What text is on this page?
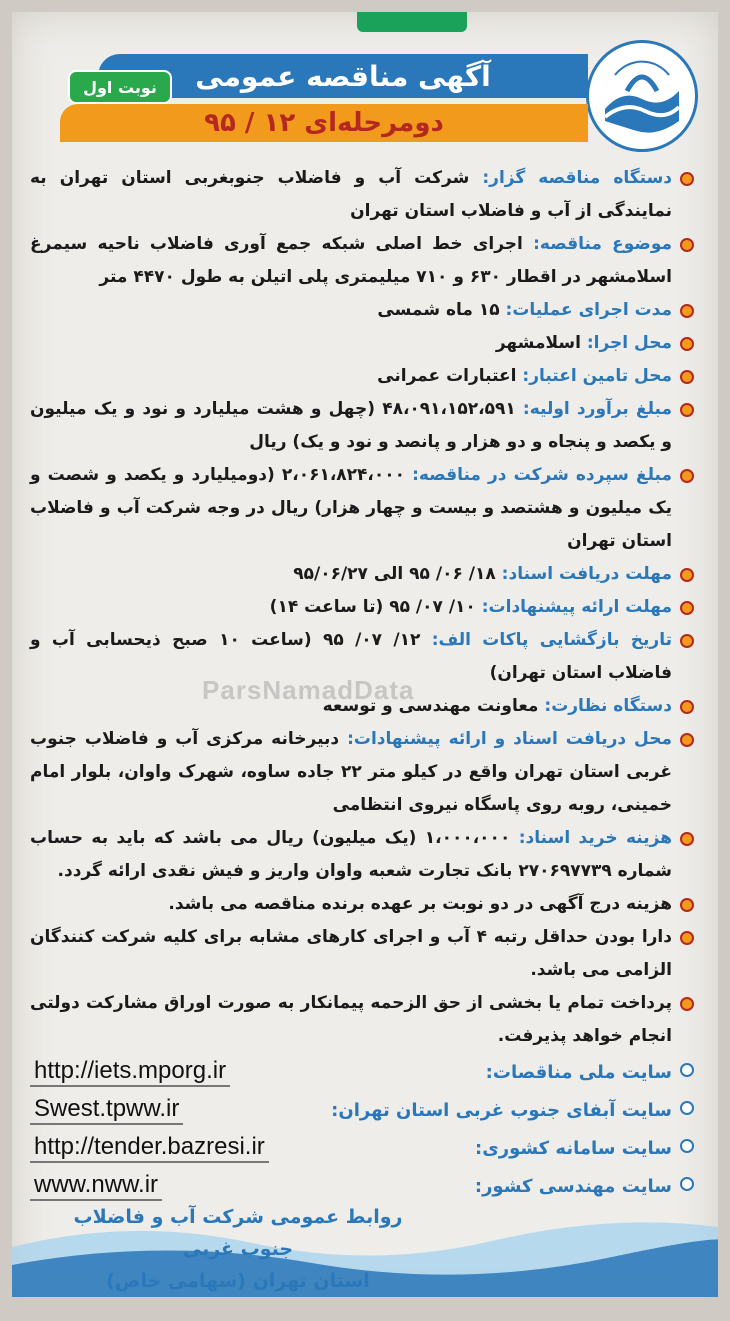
آگهی مناقصه عمومی
نوبت اول
دومرحله‌ای ۱۲ / ۹۵
دستگاه مناقصه گزار: شرکت آب و فاضلاب جنوبغربی استان تهران به نمایندگی از آب و فاضلاب استان تهران
موضوع مناقصه: اجرای خط اصلی شبکه جمع آوری فاضلاب ناحیه سیمرغ اسلامشهر در اقطار ۶۳۰ و ۷۱۰ میلیمتری پلی اتیلن به طول ۴۴۷۰ متر
مدت اجرای عملیات: ۱۵ ماه شمسی
محل اجرا: اسلامشهر
محل تامین اعتبار: اعتبارات عمرانی
مبلغ برآورد اولیه: ۴۸،۰۹۱،۱۵۲،۵۹۱ (چهل و هشت میلیارد و نود و یک میلیون و یکصد و پنجاه و دو هزار و پانصد و نود و یک) ریال
مبلغ سپرده شرکت در مناقصه: ۲،۰۶۱،۸۲۴،۰۰۰ (دومیلیارد و یکصد و شصت و یک میلیون و هشتصد و بیست و چهار هزار) ریال در وجه شرکت آب و فاضلاب استان تهران
مهلت دریافت اسناد: ۱۸/ ۰۶/ ۹۵ الی ۹۵/۰۶/۲۷
مهلت ارائه پیشنهادات: ۱۰/ ۰۷/ ۹۵ (تا ساعت ۱۴)
تاریخ بازگشایی پاکات الف: ۱۲/ ۰۷/ ۹۵ (ساعت ۱۰ صبح ذیحسابی آب و فاضلاب استان تهران)
دستگاه نظارت: معاونت مهندسی و توسعه
محل دریافت اسناد و ارائه پیشنهادات: دبیرخانه مرکزی آب و فاضلاب جنوب غربی استان تهران واقع در کیلو متر ۲۲ جاده ساوه، شهرک واوان، بلوار امام خمینی، روبه روی پاسگاه نیروی انتظامی
هزینه خرید اسناد: ۱،۰۰۰،۰۰۰ (یک میلیون) ریال می باشد که باید به حساب شماره ۲۷۰۶۹۷۷۳۹ بانک تجارت شعبه واوان واریز و فیش نقدی ارائه گردد.
هزینه درج آگهی در دو نوبت بر عهده برنده مناقصه می باشد.
دارا بودن حداقل رتبه ۴ آب و اجرای کارهای مشابه برای کلیه شرکت کنندگان الزامی می باشد.
پرداخت تمام یا بخشی از حق الزحمه پیمانکار به صورت اوراق مشارکت دولتی انجام خواهد پذیرفت.
سایت ملی مناقصات:
http://iets.mporg.ir
سایت آبفای جنوب غربی استان تهران:
Swest.tpww.ir
سایت سامانه کشوری:
http://tender.bazresi.ir
سایت مهندسی کشور:
www.nww.ir
ParsNamadData
روابط عمومی شرکت آب و فاضلاب جنوب غربی
استان تهران (سهامی خاص)
